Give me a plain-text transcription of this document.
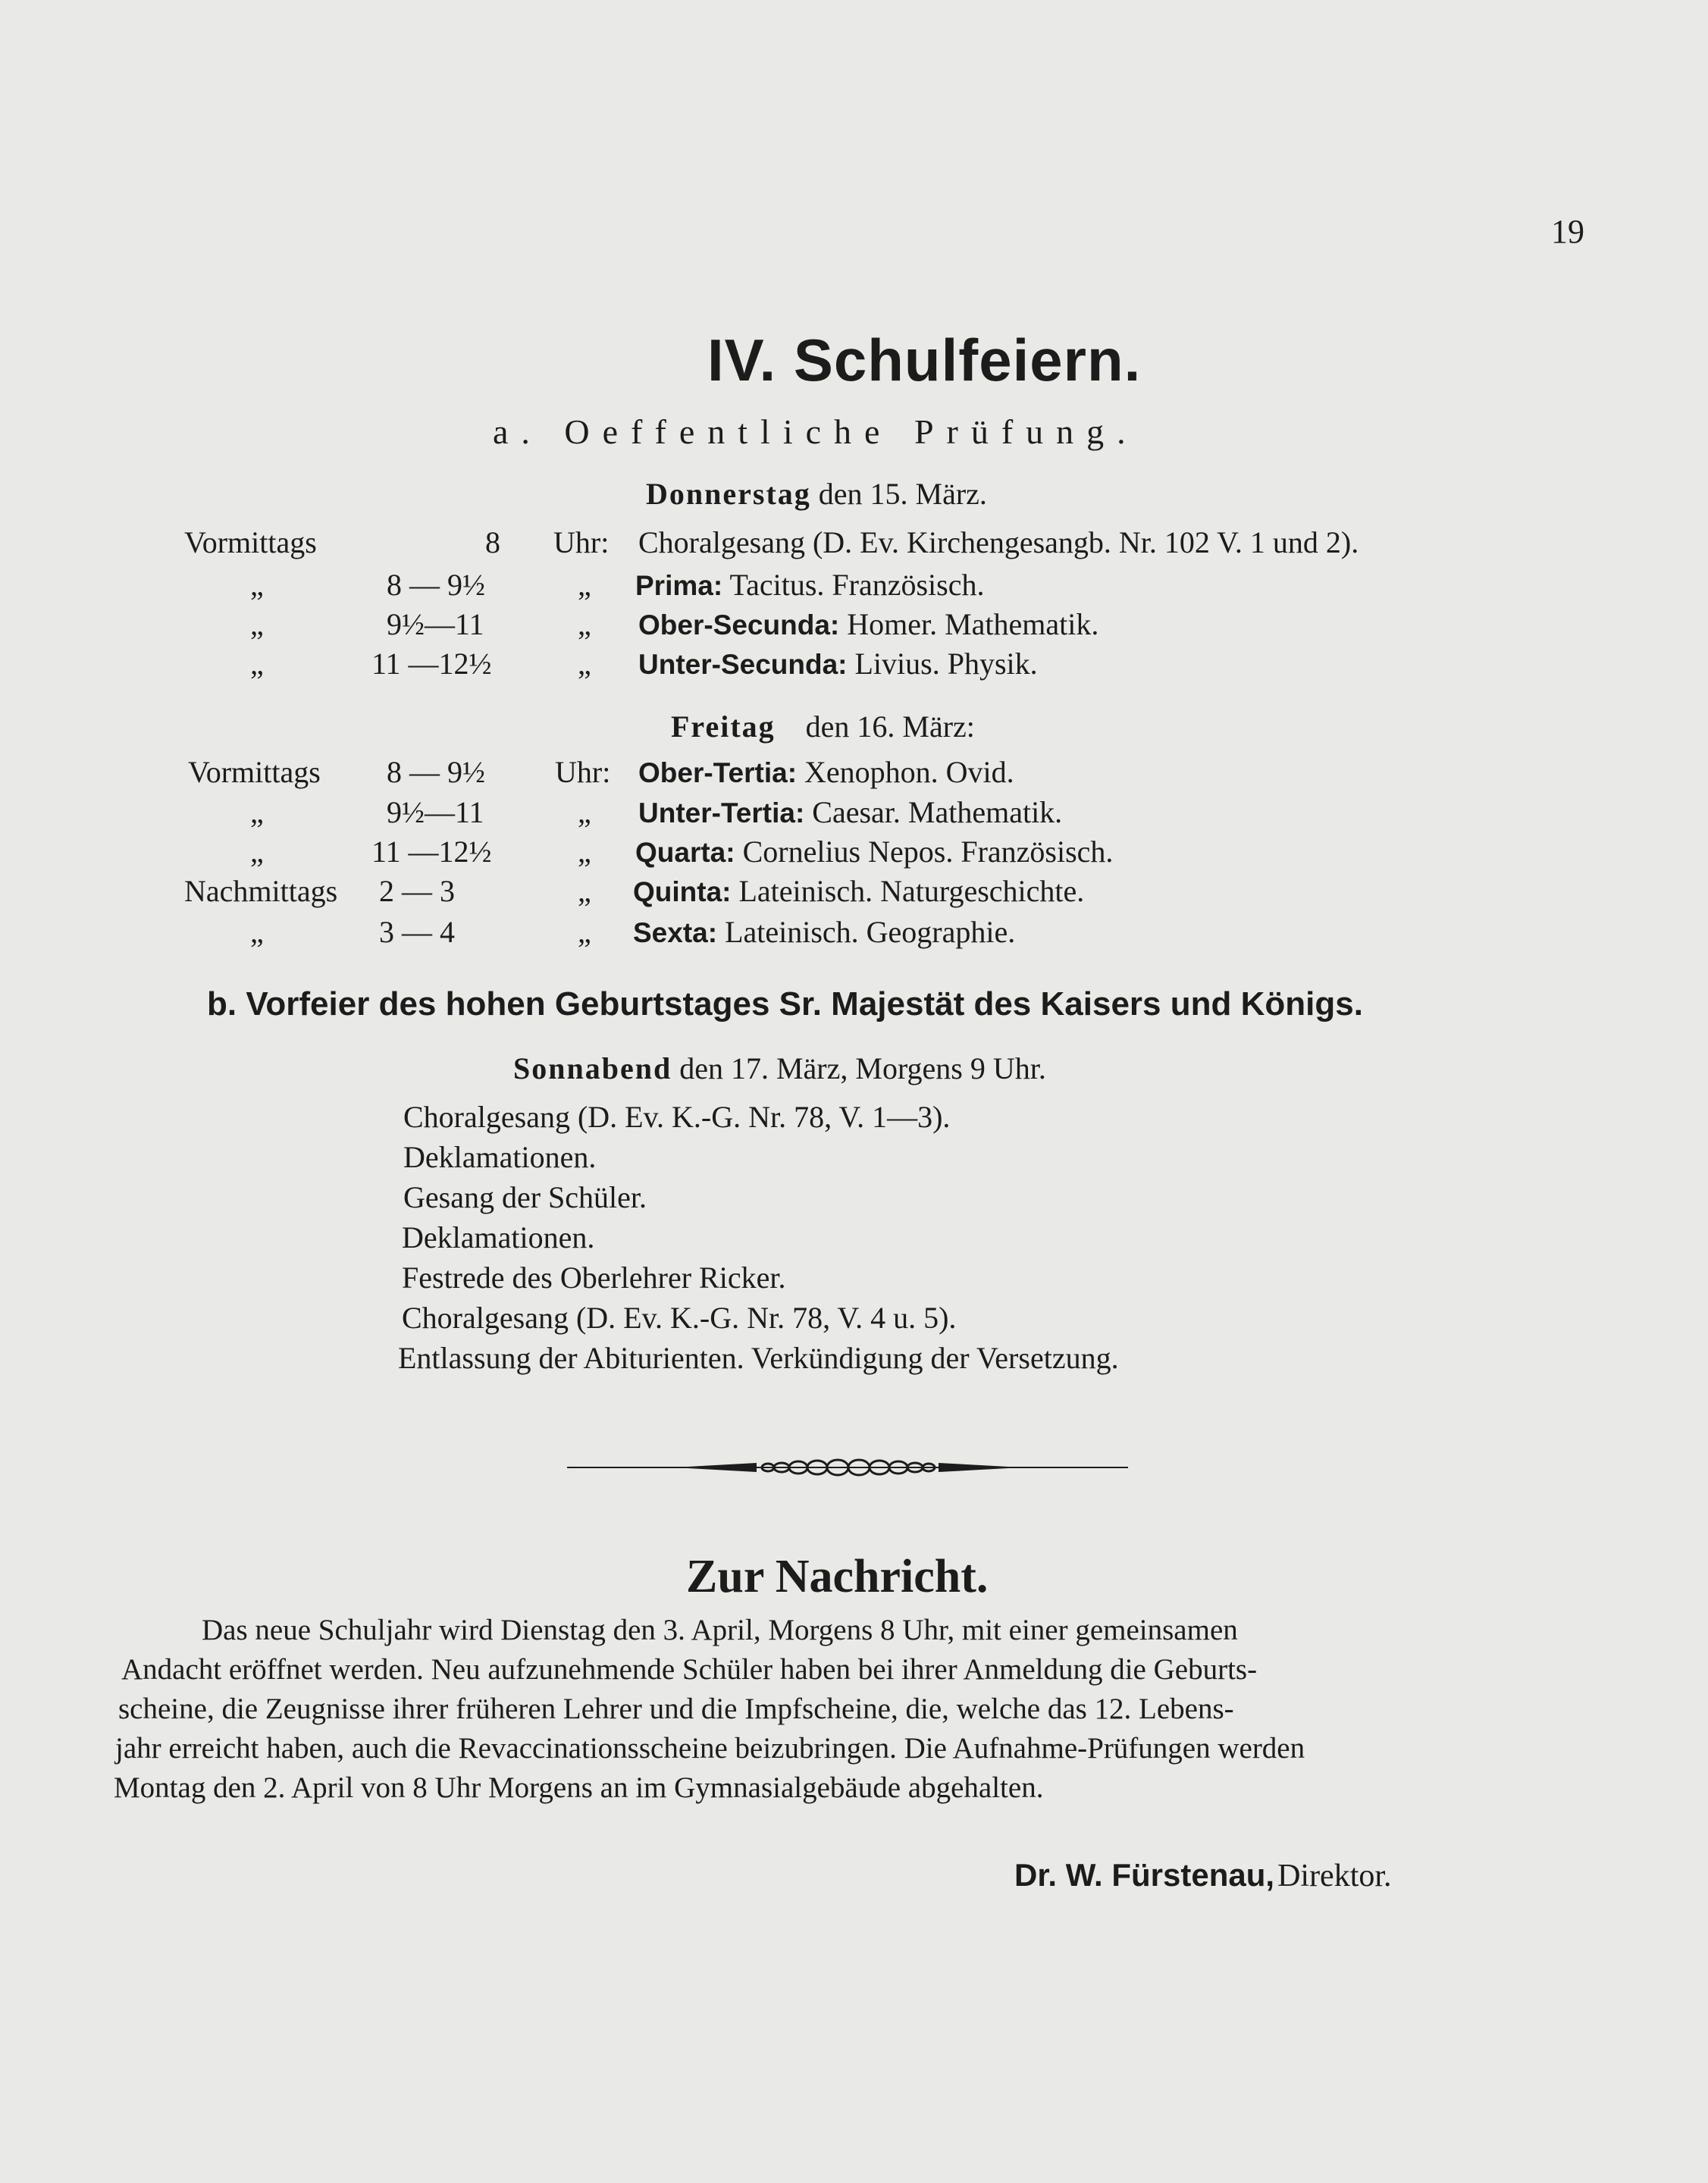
19
IV. Schulfeiern.
a. Oeffentliche Prüfung.
Donnerstag den 15. März.
Vormittags	8 Uhr: Choralgesang (D. Ev. Kirchengesangb. Nr. 102 V. 1 und 2).
„	8 — 9½	„ Prima: Tacitus. Französisch.
„	9½—11	„ Ober-Secunda: Homer. Mathematik.
„	11 —12½	„ Unter-Secunda: Livius. Physik.
Freitag den 16. März:
Vormittags 8 — 9½ Uhr: Ober-Tertia: Xenophon. Ovid.
„	9½—11	„ Unter-Tertia: Caesar. Mathematik.
„	11 —12½	„ Quarta: Cornelius Nepos. Französisch.
Nachmittags 2 — 3	„ Quinta: Lateinisch. Naturgeschichte.
„	3 — 4	„ Sexta: Lateinisch. Geographie.
b. Vorfeier des hohen Geburtstages Sr. Majestät des Kaisers und Königs.
Sonnabend den 17. März, Morgens 9 Uhr.
Choralgesang (D. Ev. K.-G. Nr. 78, V. 1—3).
Deklamationen.
Gesang der Schüler.
Deklamationen.
Festrede des Oberlehrer Ricker.
Choralgesang (D. Ev. K.-G. Nr. 78, V. 4 u. 5).
Entlassung der Abiturienten. Verkündigung der Versetzung.
Zur Nachricht.
Das neue Schuljahr wird Dienstag den 3. April, Morgens 8 Uhr, mit einer gemeinsamen
Andacht eröffnet werden. Neu aufzunehmende Schüler haben bei ihrer Anmeldung die Geburts-
scheine, die Zeugnisse ihrer früheren Lehrer und die Impfscheine, die, welche das 12. Lebens-
jahr erreicht haben, auch die Revaccinationsscheine beizubringen. Die Aufnahme-Prüfungen werden
Montag den 2. April von 8 Uhr Morgens an im Gymnasialgebäude abgehalten.
Dr. W. Fürstenau, Direktor.
